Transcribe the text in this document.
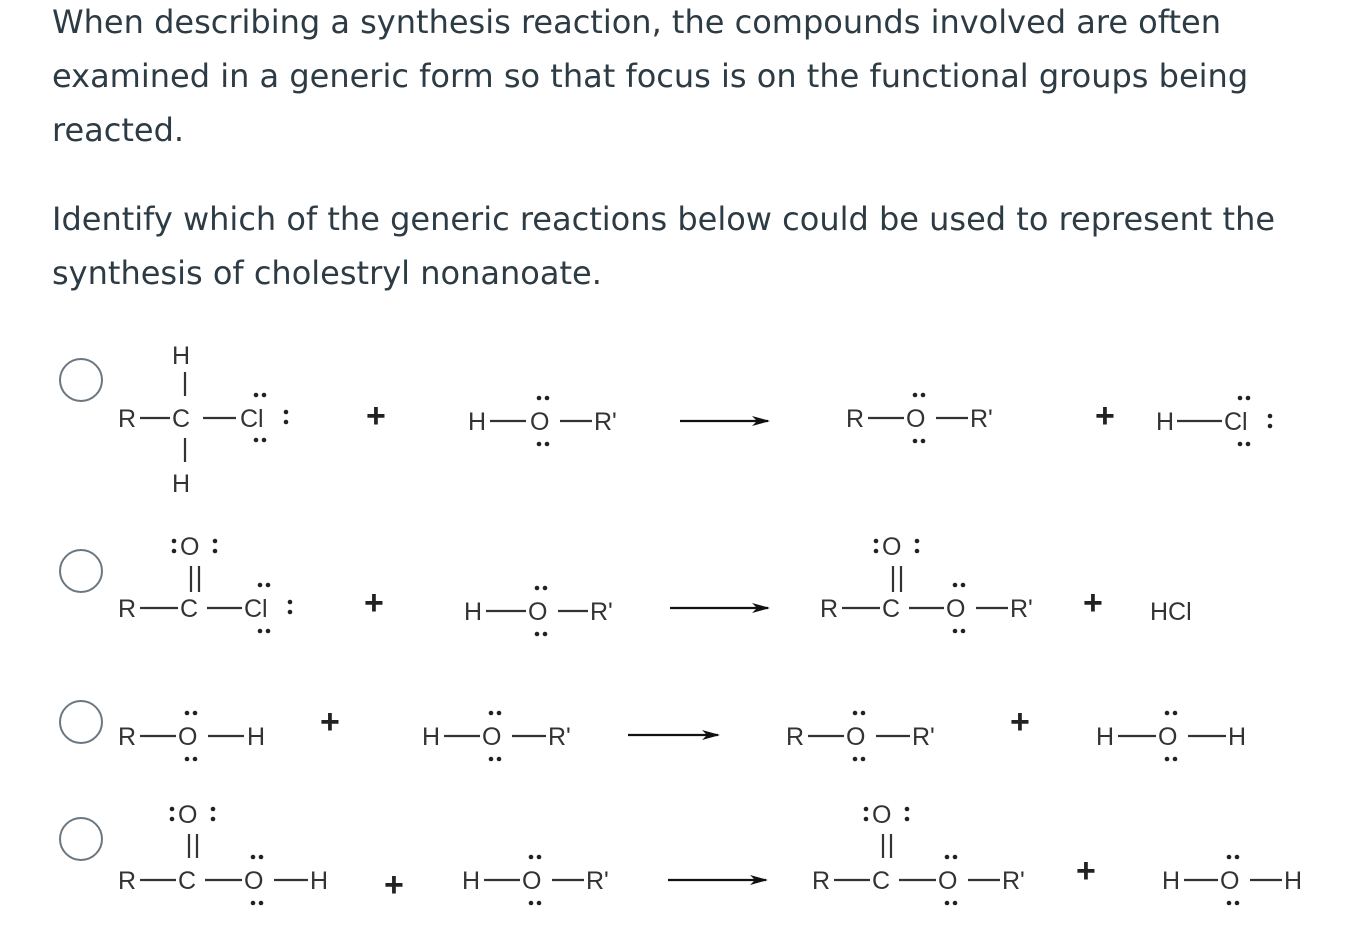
When describing a synthesis reaction, the compounds involved are often examined in a generic form so that focus is on the functional groups being reacted.
Identify which of the generic reactions below could be used to represent the synthesis of cholestryl nonanoate.
H
R C Cl
H
+	H O R'	R O R'	+ H Cl
O
R C Cl	+	H O R'
O
R C O R' + HCl
R O H +	H O R'	R O R' +	H O H
O
R C O H + H O R'
O
R C O R' +	H O H
